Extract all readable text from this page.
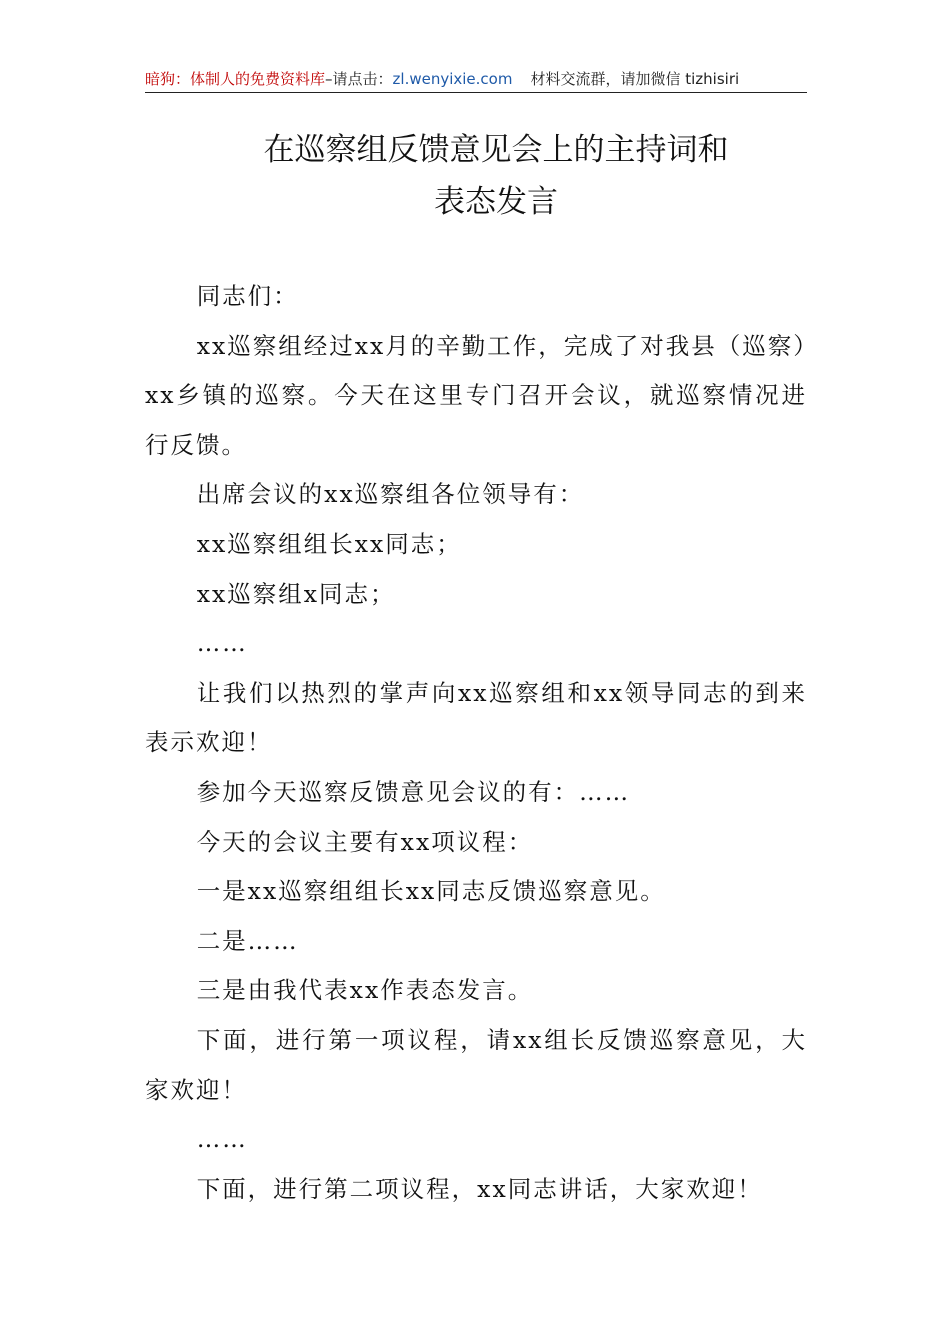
暗狗：体制人的免费资料库–请点击：zl.wenyixie.com 材料交流群，请加微信 tizhisiri
在巡察组反馈意见会上的主持词和
表态发言

同志们：

xx巡察组经过xx月的辛勤工作，完成了对我县（巡察）xx乡镇的巡察。今天在这里专门召开会议，就巡察情况进行反馈。

出席会议的xx巡察组各位领导有：

xx巡察组组长xx同志；

xx巡察组x同志；

……

让我们以热烈的掌声向xx巡察组和xx领导同志的到来表示欢迎！

参加今天巡察反馈意见会议的有：……

今天的会议主要有xx项议程：

一是xx巡察组组长xx同志反馈巡察意见。

二是……

三是由我代表xx作表态发言。

下面，进行第一项议程，请xx组长反馈巡察意见，大家欢迎！

……

下面，进行第二项议程，xx同志讲话，大家欢迎！
